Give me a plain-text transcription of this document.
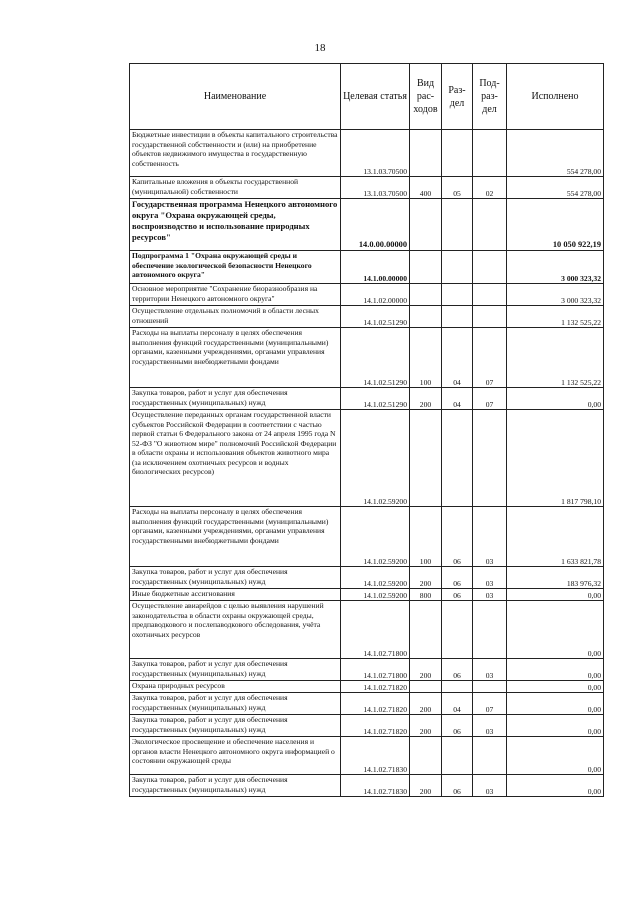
18
Наименование	Целевая статья	Вид рас- ходов	Раз- дел	Под- раз- дел	Исполнено
Бюджетные инвестиции в объекты капитального строительства государственной собственности и (или) на приобретение объектов недвижимого имущества в государственную собственность	13.1.03.70500				554 278,00
Капитальные вложения в объекты государственной (муниципальной) собственности	13.1.03.70500	400	05	02	554 278,00
Государственная программа Ненецкого автономного округа "Охрана окружающей среды, воспроизводство и использование природных ресурсов"	14.0.00.00000				10 050 922,19
Подпрограмма 1 "Охрана окружающей среды и обеспечение экологической безопасности Ненецкого автономного округа"	14.1.00.00000				3 000 323,32
Основное мероприятие "Сохранение биоразнообразия на территории Ненецкого автономного округа"	14.1.02.00000				3 000 323,32
Осуществление отдельных полномочий в области лесных отношений	14.1.02.51290				1 132 525,22
Расходы на выплаты персоналу в целях обеспечения выполнения функций государственными (муниципальными) органами, казенными учреждениями, органами управления государственными внебюджетными фондами	14.1.02.51290	100	04	07	1 132 525,22
Закупка товаров, работ и услуг для обеспечения государственных (муниципальных) нужд	14.1.02.51290	200	04	07	0,00
Осуществление переданных органам государственной власти субъектов Российской Федерации в соответствии с частью первой статьи 6 Федерального закона от 24 апреля 1995 года N 52-ФЗ "О животном мире" полномочий Российской Федерации в области охраны и использования объектов животного мира (за исключением охотничьих ресурсов и водных биологических ресурсов)	14.1.02.59200				1 817 798,10
Расходы на выплаты персоналу в целях обеспечения выполнения функций государственными (муниципальными) органами, казенными учреждениями, органами управления государственными внебюджетными фондами	14.1.02.59200	100	06	03	1 633 821,78
Закупка товаров, работ и услуг для обеспечения государственных (муниципальных) нужд	14.1.02.59200	200	06	03	183 976,32
Иные бюджетные ассигнования	14.1.02.59200	800	06	03	0,00
Осуществление авиарейдов с целью выявления нарушений законодательства в области охраны окружающей среды, предпаводкового и послепаводкового обследования, учёта охотничьих ресурсов	14.1.02.71800				0,00
Закупка товаров, работ и услуг для обеспечения государственных (муниципальных) нужд	14.1.02.71800	200	06	03	0,00
Охрана природных ресурсов	14.1.02.71820				0,00
Закупка товаров, работ и услуг для обеспечения государственных (муниципальных) нужд	14.1.02.71820	200	04	07	0,00
Закупка товаров, работ и услуг для обеспечения государственных (муниципальных) нужд	14.1.02.71820	200	06	03	0,00
Экологическое просвещение и обеспечение населения и органов власти Ненецкого автономного округа информацией о состоянии окружающей среды	14.1.02.71830				0,00
Закупка товаров, работ и услуг для обеспечения государственных (муниципальных) нужд	14.1.02.71830	200	06	03	0,00
